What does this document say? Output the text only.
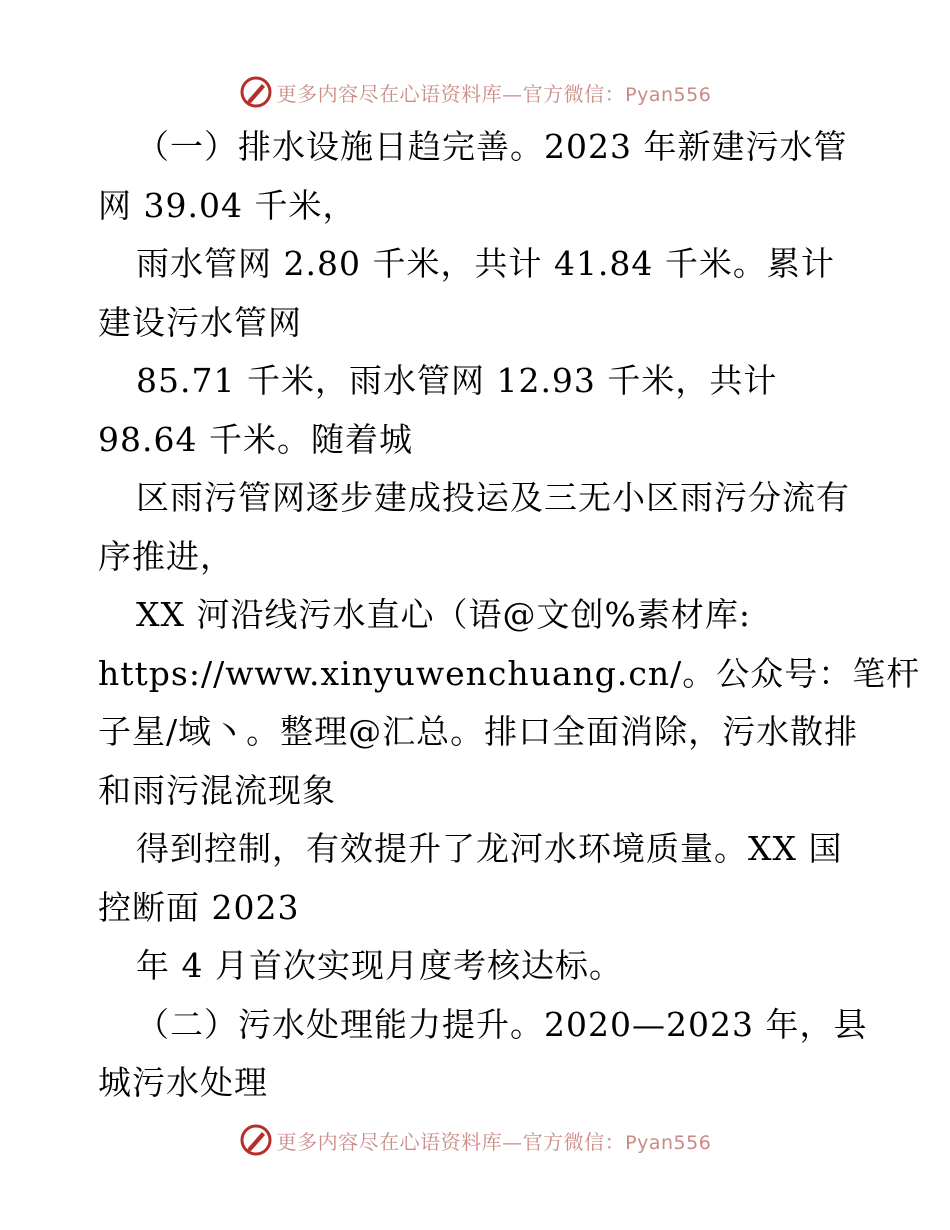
更多内容尽在心语资料库—官方微信：Pyan556
（一）排水设施日趋完善。2023 年新建污水管
网 39.04 千米，
雨水管网 2.80 千米，共计 41.84 千米。累计
建设污水管网
85.71 千米，雨水管网 12.93 千米，共计
98.64 千米。随着城
区雨污管网逐步建成投运及三无小区雨污分流有
序推进，
XX 河沿线污水直心（语@文创%素材库:
https://www.xinyuwenchuang.cn/。公众号：笔杆
子星/域丶。整理@汇总。排口全面消除，污水散排
和雨污混流现象
得到控制，有效提升了龙河水环境质量。XX 国
控断面 2023
年 4 月首次实现月度考核达标。
（二）污水处理能力提升。2020—2023 年，县
城污水处理
更多内容尽在心语资料库—官方微信：Pyan556
